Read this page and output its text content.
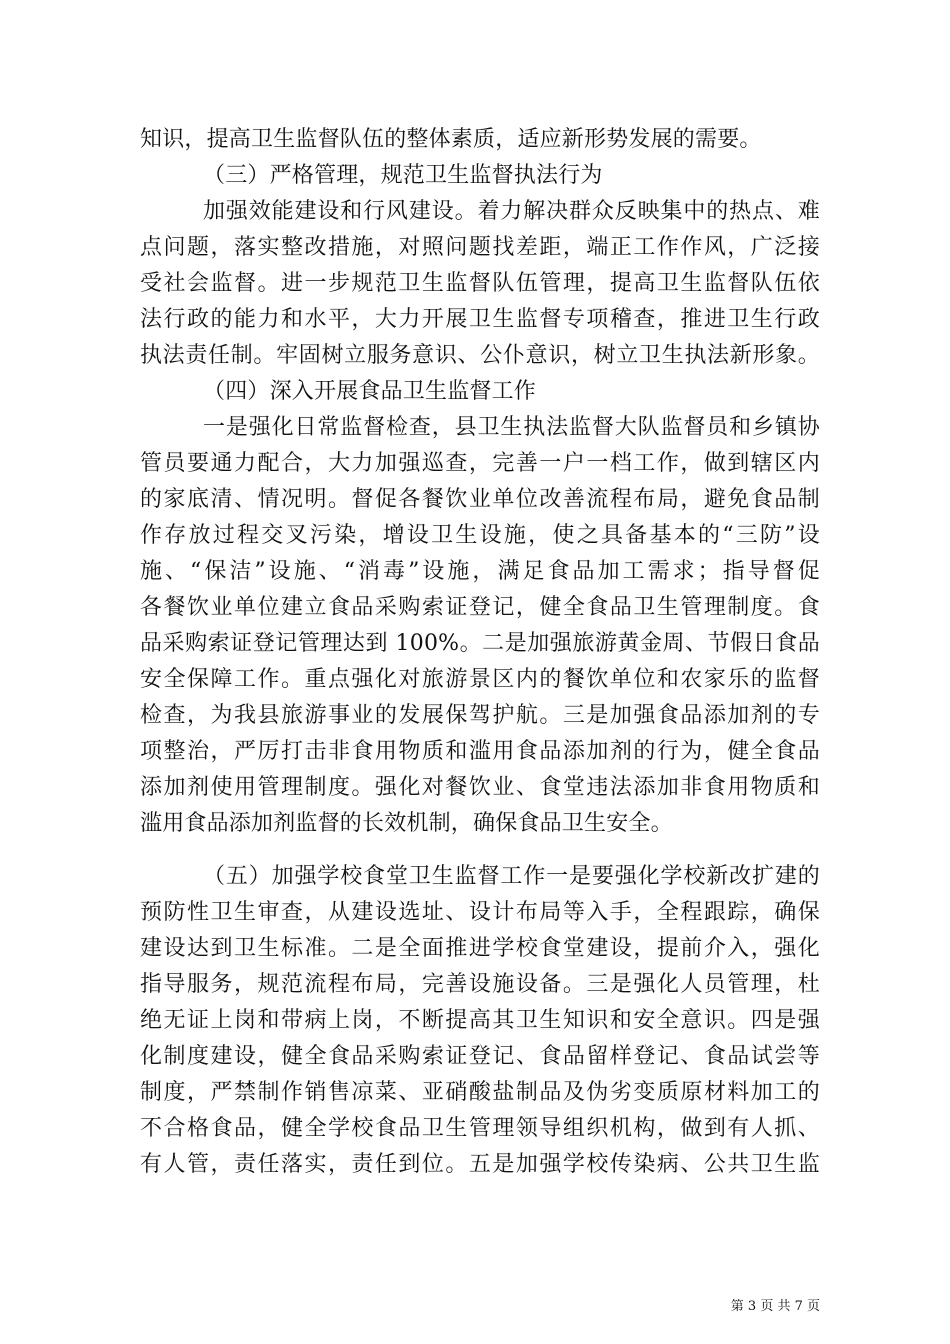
知识，提高卫生监督队伍的整体素质，适应新形势发展的需要。
（三）严格管理，规范卫生监督执法行为
加强效能建设和行风建设。着力解决群众反映集中的热点、难
点问题，落实整改措施，对照问题找差距，端正工作作风，广泛接
受社会监督。进一步规范卫生监督队伍管理，提高卫生监督队伍依
法行政的能力和水平，大力开展卫生监督专项稽查，推进卫生行政
执法责任制。牢固树立服务意识、公仆意识，树立卫生执法新形象。
（四）深入开展食品卫生监督工作
一是强化日常监督检查，县卫生执法监督大队监督员和乡镇协
管员要通力配合，大力加强巡查，完善一户一档工作，做到辖区内
的家底清、情况明。督促各餐饮业单位改善流程布局，避免食品制
作存放过程交叉污染，增设卫生设施，使之具备基本的“三防”设
施、“保洁”设施、“消毒”设施，满足食品加工需求；指导督促
各餐饮业单位建立食品采购索证登记，健全食品卫生管理制度。食
品采购索证登记管理达到 100%。二是加强旅游黄金周、节假日食品
安全保障工作。重点强化对旅游景区内的餐饮单位和农家乐的监督
检查，为我县旅游事业的发展保驾护航。三是加强食品添加剂的专
项整治，严厉打击非食用物质和滥用食品添加剂的行为，健全食品
添加剂使用管理制度。强化对餐饮业、食堂违法添加非食用物质和
滥用食品添加剂监督的长效机制，确保食品卫生安全。
（五）加强学校食堂卫生监督工作一是要强化学校新改扩建的
预防性卫生审查，从建设选址、设计布局等入手，全程跟踪，确保
建设达到卫生标准。二是全面推进学校食堂建设，提前介入，强化
指导服务，规范流程布局，完善设施设备。三是强化人员管理，杜
绝无证上岗和带病上岗，不断提高其卫生知识和安全意识。四是强
化制度建设，健全食品采购索证登记、食品留样登记、食品试尝等
制度，严禁制作销售凉菜、亚硝酸盐制品及伪劣变质原材料加工的
不合格食品，健全学校食品卫生管理领导组织机构，做到有人抓、
有人管，责任落实，责任到位。五是加强学校传染病、公共卫生监
第 3 页 共 7 页
